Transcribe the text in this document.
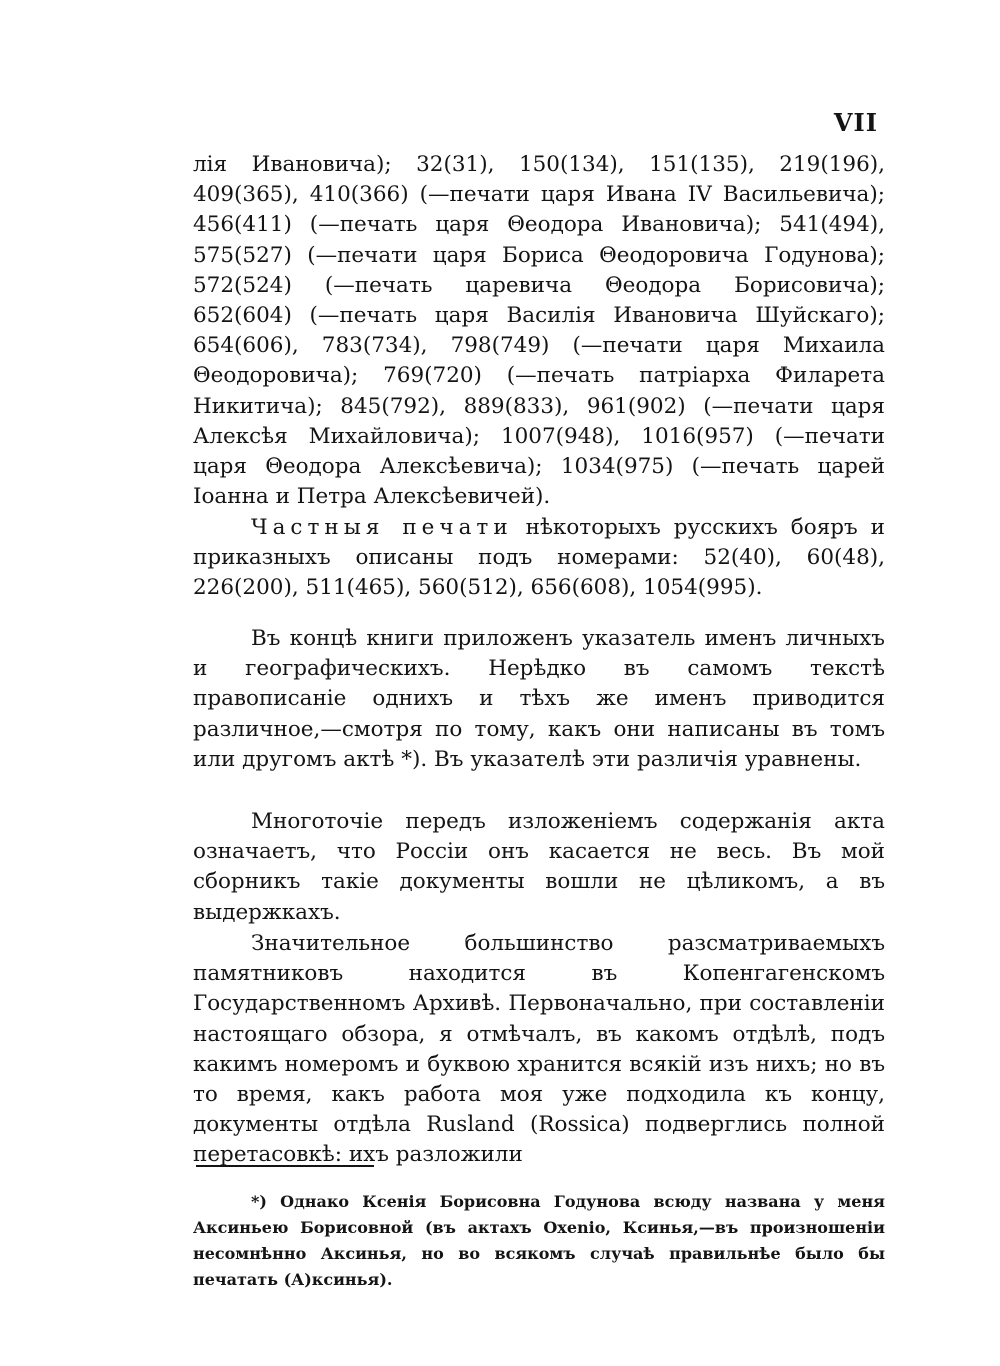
VII

лія Ивановича); 32(31), 150(134), 151(135), 219(196), 409(365), 410(366) (—печати царя Ивана IV Васильевича); 456(411) (—печать царя Θеодора Ивановича); 541(494), 575(527) (—печати царя Бориса Θеодоровича Годунова); 572(524) (—печать царевича Θеодора Борисовича); 652(604) (—печать царя Василія Ивановича Шуйскаго); 654(606), 783(734), 798(749) (—печати царя Михаила Θеодоровича); 769(720) (—печать патріарха Филарета Никитича); 845(792), 889(833), 961(902) (—печати царя Алексѣя Михайловича); 1007(948), 1016(957) (—печати царя Θеодора Алексѣевича); 1034(975) (—печать царей Іоанна и Петра Алексѣевичей).

Частныя печати нѣкоторыхъ русскихъ бояръ и приказныхъ описаны подъ номерами: 52(40), 60(48), 226(200), 511(465), 560(512), 656(608), 1054(995).

Въ концѣ книги приложенъ указатель именъ личныхъ и географическихъ. Нерѣдко въ самомъ текстѣ правописаніе однихъ и тѣхъ же именъ приводится различное,—смотря по тому, какъ они написаны въ томъ или другомъ актѣ *). Въ указателѣ эти различія уравнены.

Многоточіе передъ изложеніемъ содержанія акта означаетъ, что Россіи онъ касается не весь. Въ мой сборникъ такіе документы вошли не цѣликомъ, а въ выдержкахъ.

Значительное большинство разсматриваемыхъ памятниковъ находится въ Копенгагенскомъ Государственномъ Архивѣ. Первоначально, при составленіи настоящаго обзора, я отмѣчалъ, въ какомъ отдѣлѣ, подъ какимъ номеромъ и буквою хранится всякій изъ нихъ; но въ то время, какъ работа моя уже подходила къ концу, документы отдѣла Rusland (Rossica) подверглись полной перетасовкѣ: ихъ разложили

*) Однако Ксенія Борисовна Годунова всюду названа у меня Аксиньею Борисовной (въ актахъ Oxenio, Ксинья,—въ произношеніи несомнѣнно Аксинья, но во всякомъ случаѣ правильнѣе было бы печатать (А)ксинья).
